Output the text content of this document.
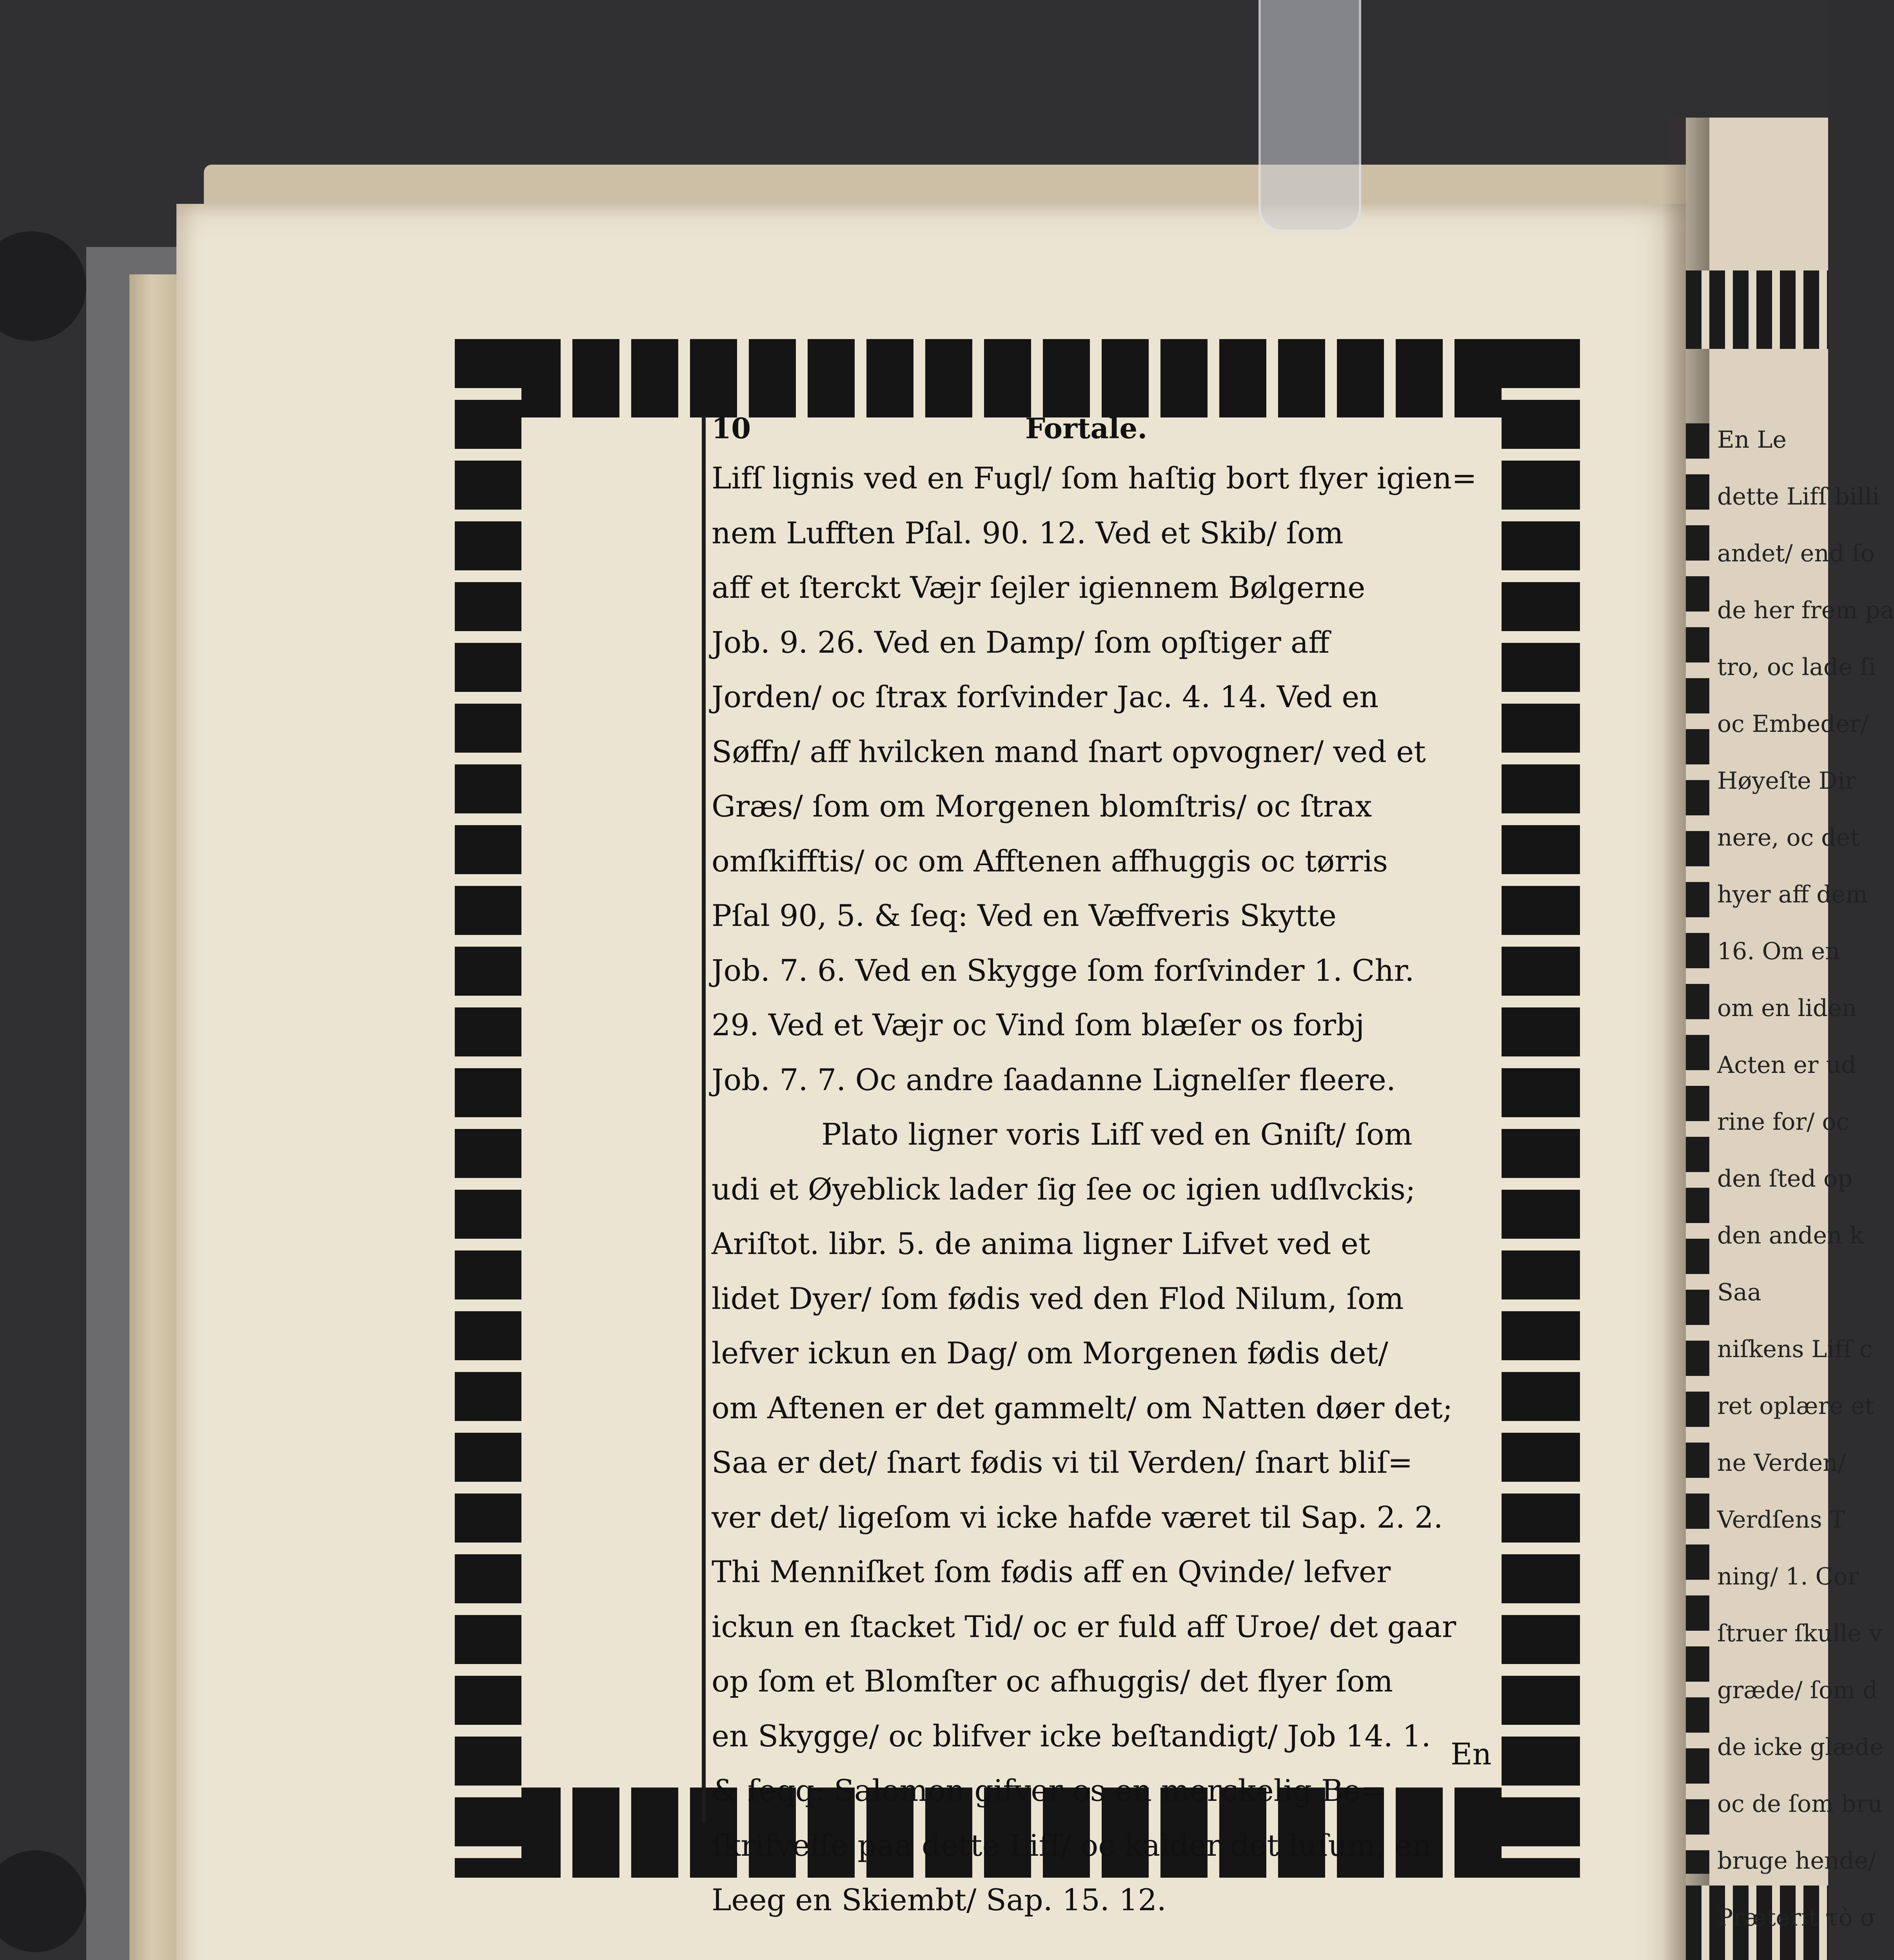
En Le
dette Lifſ billi
andet/ end ſo
de her frem pa
tro, oc lade ſi
oc Embeder/
Høyeſte Dir
nere, oc det
hyer aff dem
16. Om en
om en liden
Acten er ud
rine for/ oc
den ſted op
den anden k
Saa
niſkens Lifſ c
ret oplære et
ne Verden/
Verdſens T
ning/ 1. Cor
ſtruer ſkulle v
græde/ ſom d
de icke glæde
oc de ſom bru
bruge hende/
Præterit τὸ σ
10	Fortale.
Lifſ lignis ved en Fugl/ ſom haſtig bort flyer igien=
nem Lufften Pſal. 90. 12. Ved et Skib/ ſom
aff et ſterckt Væjr ſejler igiennem Bølgerne
Job. 9. 26. Ved en Damp/ ſom opſtiger aff
Jorden/ oc ſtrax forſvinder Jac. 4. 14. Ved en
Søffn/ aff hvilcken mand ſnart opvogner/ ved et
Græs/ ſom om Morgenen blomſtris/ oc ſtrax
omſkifftis/ oc om Afftenen affhuggis oc tørris
Pſal 90, 5. & ſeq: Ved en Væffveris Skytte
Job. 7. 6. Ved en Skygge ſom forſvinder 1. Chr.
29. Ved et Væjr oc Vind ſom blæſer os forbj
Job. 7. 7. Oc andre ſaadanne Lignelſer fleere.
Plato ligner voris Lifſ ved en Gniſt/ ſom
udi et Øyeblick lader ſig ſee oc igien udſlvckis;
Ariſtot. libr. 5. de anima ligner Lifvet ved et
lidet Dyer/ ſom fødis ved den Flod Nilum, ſom
lefver ickun en Dag/ om Morgenen fødis det/
om Aftenen er det gammelt/ om Natten døer det;
Saa er det/ ſnart fødis vi til Verden/ ſnart bliſ=
ver det/ ligeſom vi icke hafde været til Sap. 2. 2.
Thi Menniſket ſom fødis aff en Qvinde/ lefver
ickun en ſtacket Tid/ oc er fuld aff Uroe/ det gaar
op ſom et Blomſter oc afhuggis/ det flyer ſom
en Skygge/ oc blifver icke beſtandigt/ Job 14. 1.
& ſeqq: Salomon gifver os en merckelig Be=
ſkrifvelſe paa dette Lifſ/ oc kalder det luſum, en
Leeg en Skiembt/ Sap. 15. 12.
En
